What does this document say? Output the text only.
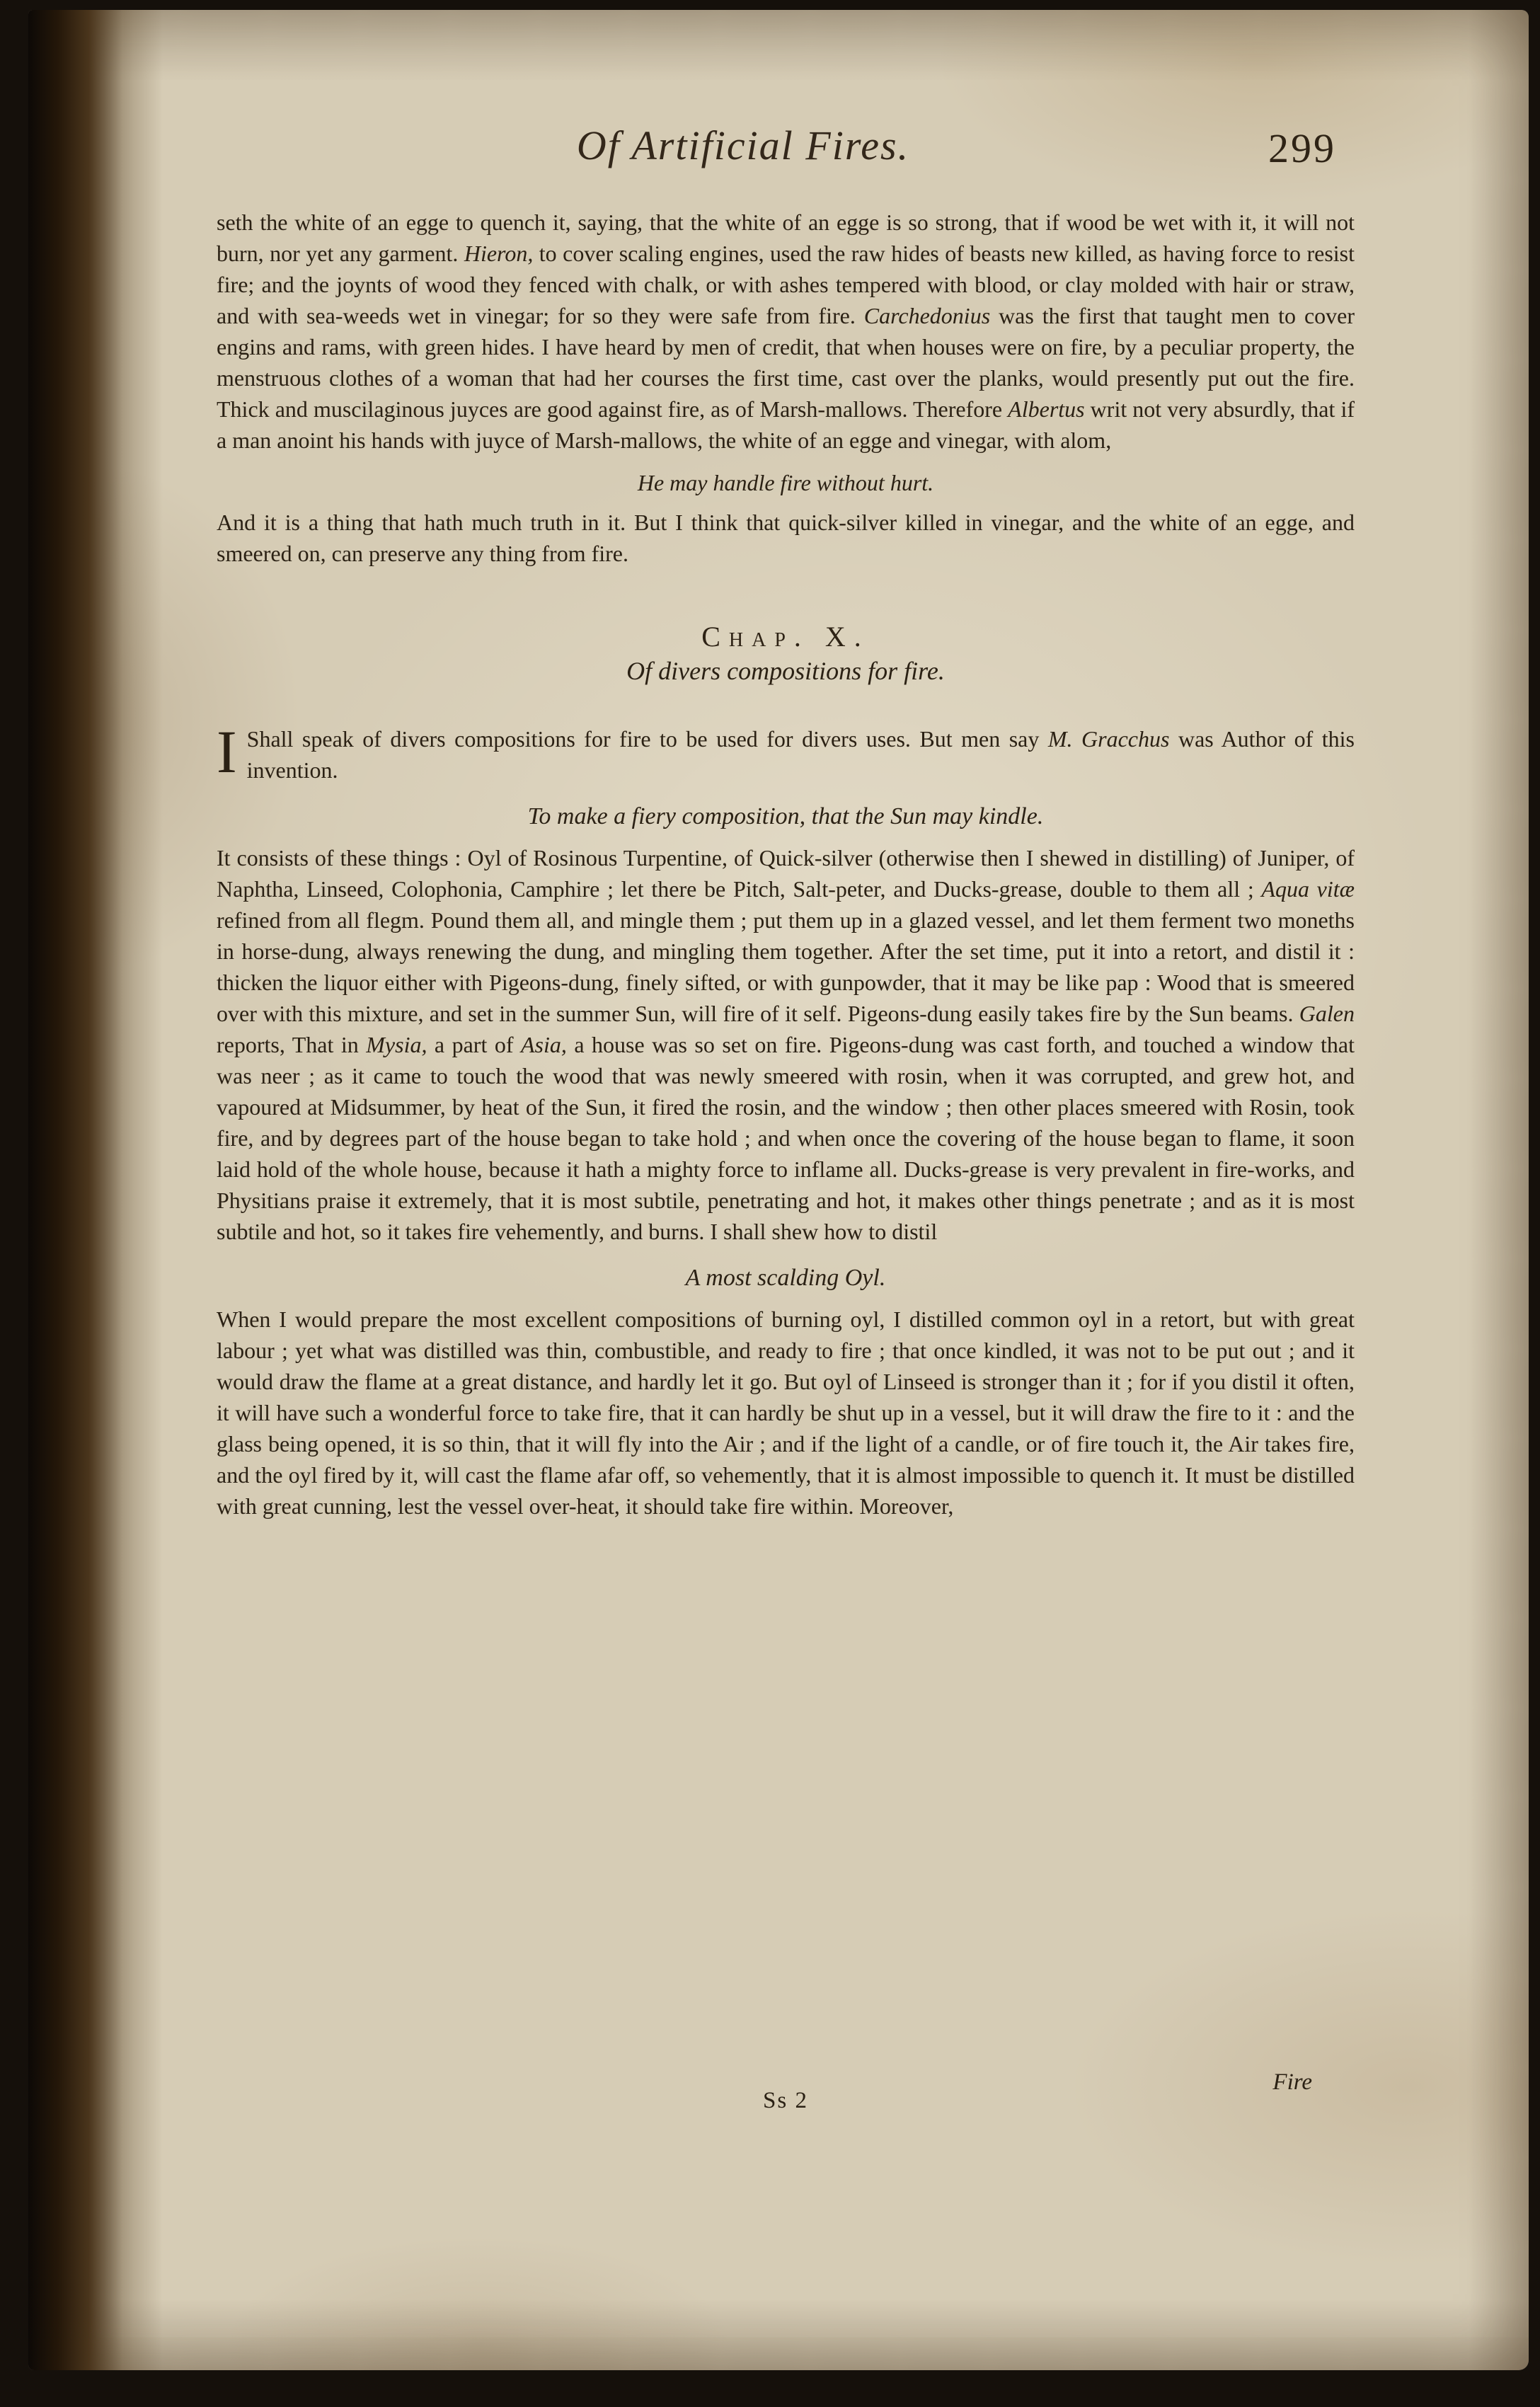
Of Artificial Fires.	299
seth the white of an egge to quench it, saying, that the white of an egge is so strong, that if wood be wet with it, it will not burn, nor yet any garment. Hieron, to cover scaling engines, used the raw hides of beasts new killed, as having force to resist fire; and the joynts of wood they fenced with chalk, or with ashes tempered with blood, or clay molded with hair or straw, and with sea-weeds wet in vinegar; for so they were safe from fire. Carchedonius was the first that taught men to cover engins and rams, with green hides. I have heard by men of credit, that when houses were on fire, by a peculiar property, the menstruous clothes of a woman that had her courses the first time, cast over the planks, would presently put out the fire. Thick and muscilaginous juyces are good against fire, as of Marsh-mallows. Therefore Albertus writ not very absurdly, that if a man anoint his hands with juyce of Marsh-mallows, the white of an egge and vinegar, with alom,
He may handle fire without hurt.
And it is a thing that hath much truth in it. But I think that quick-silver killed in vinegar, and the white of an egge, and smeered on, can preserve any thing from fire.
Chap. X.
Of divers compositions for fire.
I Shall speak of divers compositions for fire to be used for divers uses. But men say M. Gracchus was Author of this invention.
To make a fiery composition, that the Sun may kindle.
It consists of these things : Oyl of Rosinous Turpentine, of Quick-silver (otherwise then I shewed in distilling) of Juniper, of Naphtha, Linseed, Colophonia, Camphire ; let there be Pitch, Salt-peter, and Ducks-grease, double to them all ; Aqua vitæ refined from all flegm. Pound them all, and mingle them ; put them up in a glazed vessel, and let them ferment two moneths in horse-dung, always renewing the dung, and mingling them together. After the set time, put it into a retort, and distil it : thicken the liquor either with Pigeons-dung, finely sifted, or with gunpowder, that it may be like pap : Wood that is smeered over with this mixture, and set in the summer Sun, will fire of it self. Pigeons-dung easily takes fire by the Sun beams. Galen reports, That in Mysia, a part of Asia, a house was so set on fire. Pigeons-dung was cast forth, and touched a window that was neer ; as it came to touch the wood that was newly smeered with rosin, when it was corrupted, and grew hot, and vapoured at Midsummer, by heat of the Sun, it fired the rosin, and the window ; then other places smeered with Rosin, took fire, and by degrees part of the house began to take hold ; and when once the covering of the house began to flame, it soon laid hold of the whole house, because it hath a mighty force to inflame all. Ducks-grease is very prevalent in fire-works, and Physitians praise it extremely, that it is most subtile, penetrating and hot, it makes other things penetrate ; and as it is most subtile and hot, so it takes fire vehemently, and burns. I shall shew how to distil
A most scalding Oyl.
When I would prepare the most excellent compositions of burning oyl, I distilled common oyl in a retort, but with great labour ; yet what was distilled was thin, combustible, and ready to fire ; that once kindled, it was not to be put out ; and it would draw the flame at a great distance, and hardly let it go. But oyl of Linseed is stronger than it ; for if you distil it often, it will have such a wonderful force to take fire, that it can hardly be shut up in a vessel, but it will draw the fire to it : and the glass being opened, it is so thin, that it will fly into the Air ; and if the light of a candle, or of fire touch it, the Air takes fire, and the oyl fired by it, will cast the flame afar off, so vehemently, that it is almost impossible to quench it. It must be distilled with great cunning, lest the vessel over-heat, it should take fire within. Moreover,
Fire
Ss 2
